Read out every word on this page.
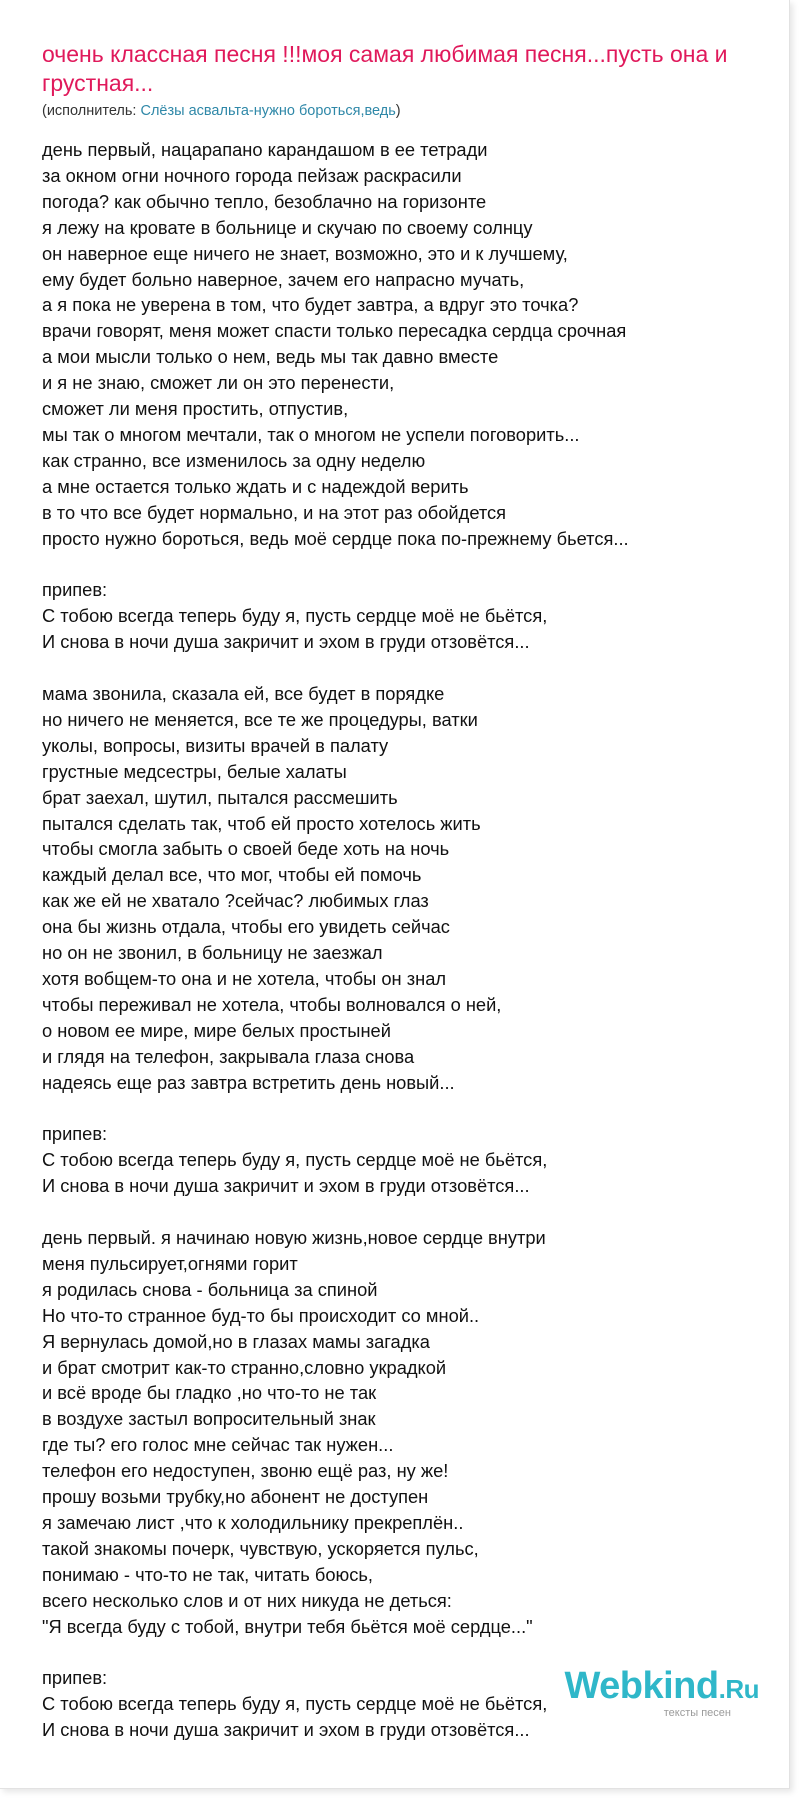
очень классная песня !!!моя самая любимая песня...пусть она и грустная...
(исполнитель: Слёзы асвальта-нужно бороться,ведь)
день первый, нацарапано карандашом в ее тетради
за окном огни ночного города пейзаж раскрасили
погода? как обычно тепло, безоблачно на горизонте
я лежу на кровате в больнице и скучаю по своему солнцу
он наверное еще ничего не знает, возможно, это и к лучшему,
ему будет больно наверное, зачем его напрасно мучать,
а я пока не уверена в том, что будет завтра, а вдруг это точка?
врачи говорят, меня может спасти только пересадка сердца срочная
а мои мысли только о нем, ведь мы так давно вместе
и я не знаю, сможет ли он это перенести,
сможет ли меня простить, отпустив,
мы так о многом мечтали, так о многом не успели поговорить...
как странно, все изменилось за одну неделю
а мне остается только ждать и с надеждой верить
в то что все будет нормально, и на этот раз обойдется
просто нужно бороться, ведь моё сердце пока по-прежнему бьется...
припев:
С тобою всегда теперь буду я, пусть сердце моё не бьётся,
И снова в ночи душа закричит и эхом в груди отзовётся...
мама звонила, сказала ей, все будет в порядке
но ничего не меняется, все те же процедуры, ватки
уколы, вопросы, визиты врачей в палату
грустные медсестры, белые халаты
брат заехал, шутил, пытался рассмешить
пытался сделать так, чтоб ей просто хотелось жить
чтобы смогла забыть о своей беде хоть на ночь
каждый делал все, что мог, чтобы ей помочь
как же ей не хватало ?сейчас? любимых глаз
она бы жизнь отдала, чтобы его увидеть сейчас
но он не звонил, в больницу не заезжал
хотя вобщем-то она и не хотела, чтобы он знал
чтобы переживал не хотела, чтобы волновался о ней,
о новом ее мире, мире белых простыней
и глядя на телефон, закрывала глаза снова
надеясь еще раз завтра встретить день новый...
припев:
С тобою всегда теперь буду я, пусть сердце моё не бьётся,
И снова в ночи душа закричит и эхом в груди отзовётся...
день первый. я начинаю новую жизнь,новое сердце внутри
меня пульсирует,огнями горит
я родилась снова - больница за спиной
Но что-то странное буд-то бы происходит со мной..
Я вернулась домой,но в глазах мамы загадка
и брат смотрит как-то странно,словно украдкой
и всё вроде бы гладко ,но что-то не так
в воздухе застыл вопросительный знак
где ты? его голос мне сейчас так нужен...
телефон его недоступен, звоню ещё раз, ну же!
прошу возьми трубку,но абонент не доступен
я замечаю лист ,что к холодильнику прекреплён..
такой знакомы почерк, чувствую, ускоряется пульс,
понимаю - что-то не так, читать боюсь,
всего несколько слов и от них никуда не деться:
"Я всегда буду с тобой, внутри тебя бьётся моё сердце..."
припев:
С тобою всегда теперь буду я, пусть сердце моё не бьётся,
И снова в ночи душа закричит и эхом в груди отзовётся...
Webkind.Ru
тексты песен
